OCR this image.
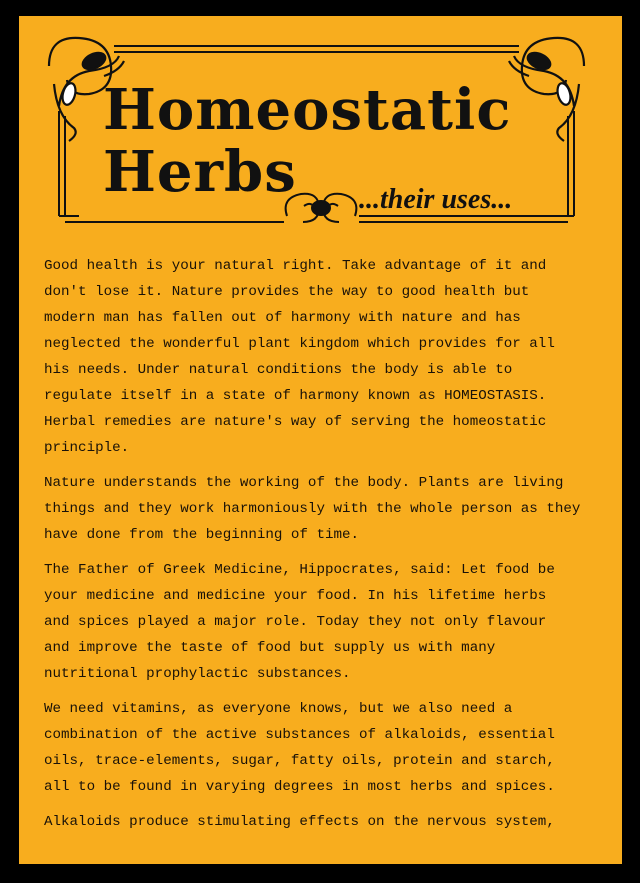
Homeostatic
Herbs	...their uses...

Good health is your natural right. Take advantage of it and
don't lose it. Nature provides the way to good health but
modern man has fallen out of harmony with nature and has
neglected the wonderful plant kingdom which provides for all
his needs. Under natural conditions the body is able to
regulate itself in a state of harmony known as HOMEOSTASIS.
Herbal remedies are nature's way of serving the homeostatic
principle.

Nature understands the working of the body. Plants are living
things and they work harmoniously with the whole person as they
have done from the beginning of time.

The Father of Greek Medicine, Hippocrates, said: Let food be
your medicine and medicine your food. In his lifetime herbs
and spices played a major role. Today they not only flavour
and improve the taste of food but supply us with many
nutritional prophylactic substances.

We need vitamins, as everyone knows, but we also need a
combination of the active substances of alkaloids, essential
oils, trace-elements, sugar, fatty oils, protein and starch,
all to be found in varying degrees in most herbs and spices.

Alkaloids produce stimulating effects on the nervous system,
